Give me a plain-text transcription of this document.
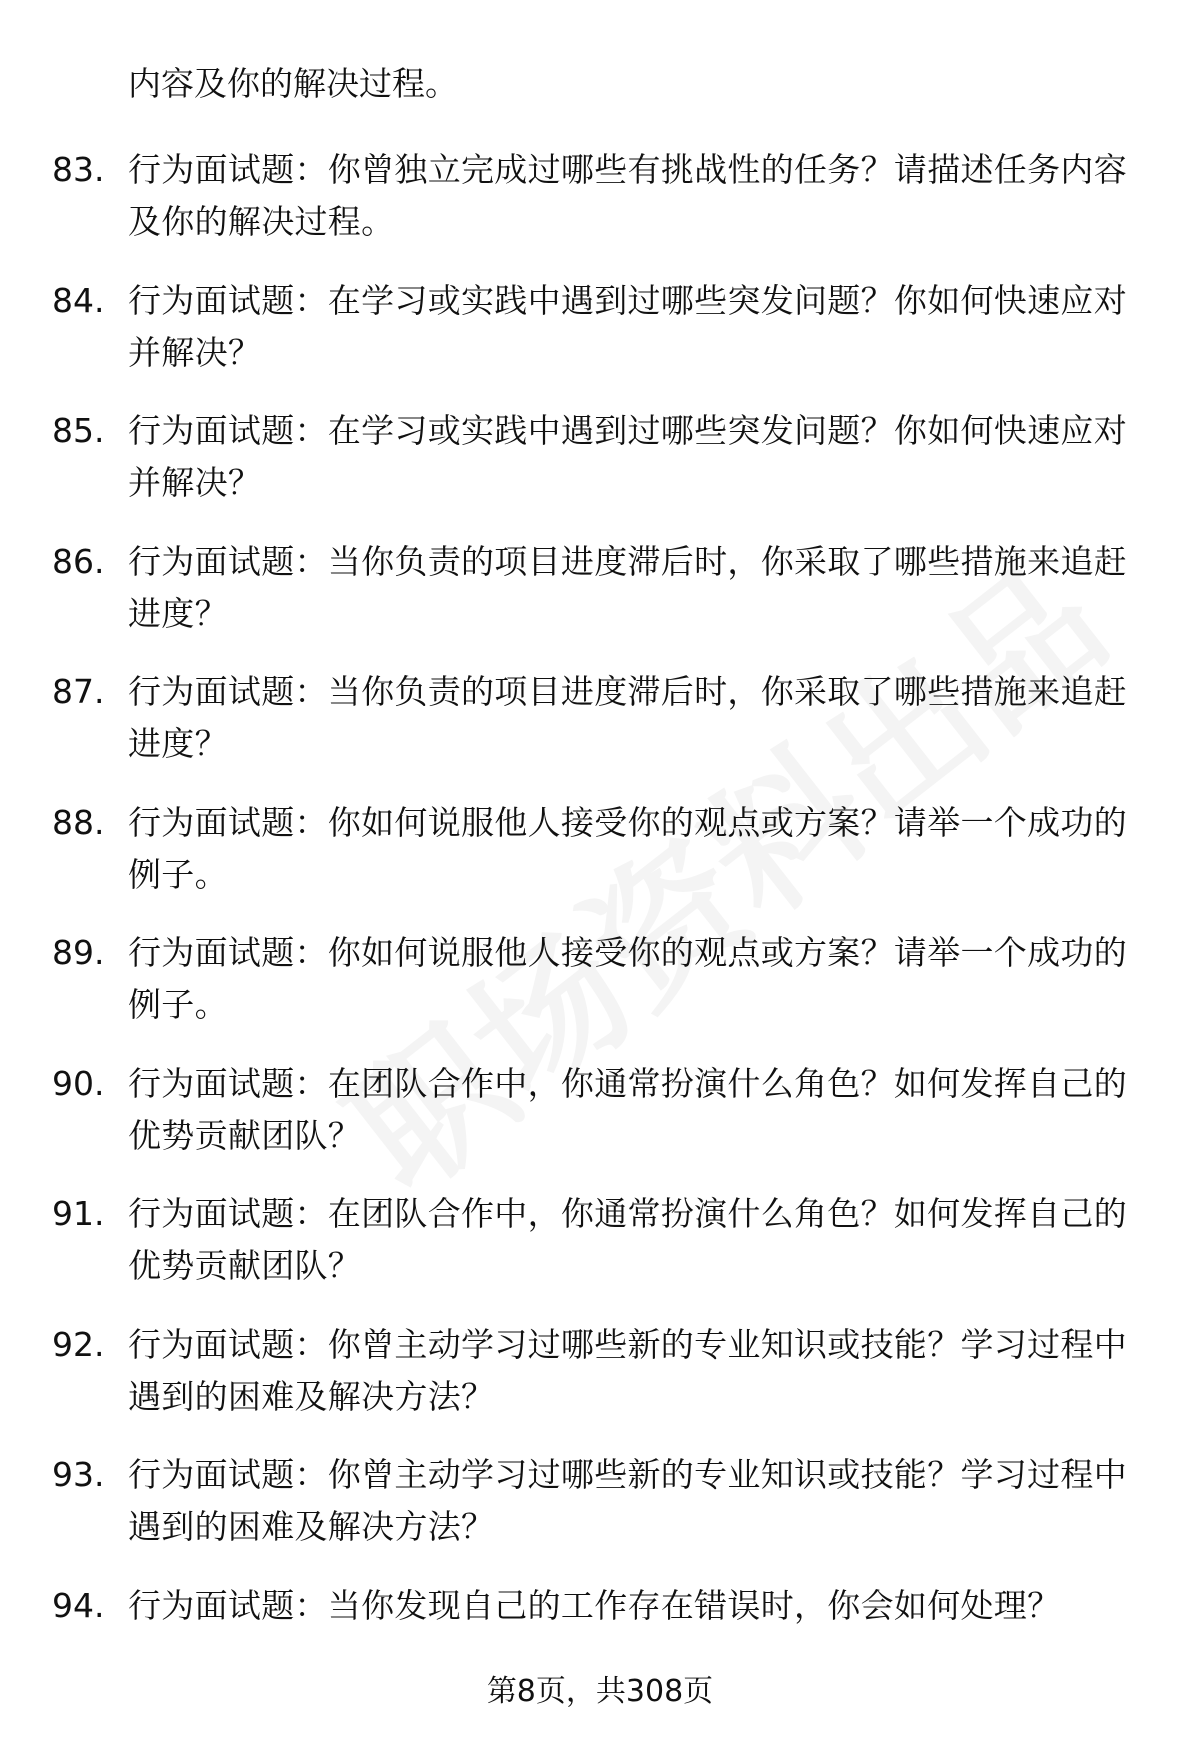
内容及你的解决过程。
83. 行为面试题：你曾独立完成过哪些有挑战性的任务？请描述任务内容及你的解决过程。
84. 行为面试题：在学习或实践中遇到过哪些突发问题？你如何快速应对并解决？
85. 行为面试题：在学习或实践中遇到过哪些突发问题？你如何快速应对并解决？
86. 行为面试题：当你负责的项目进度滞后时，你采取了哪些措施来追赶进度？
87. 行为面试题：当你负责的项目进度滞后时，你采取了哪些措施来追赶进度？
88. 行为面试题：你如何说服他人接受你的观点或方案？请举一个成功的例子。
89. 行为面试题：你如何说服他人接受你的观点或方案？请举一个成功的例子。
90. 行为面试题：在团队合作中，你通常扮演什么角色？如何发挥自己的优势贡献团队？
91. 行为面试题：在团队合作中，你通常扮演什么角色？如何发挥自己的优势贡献团队？
92. 行为面试题：你曾主动学习过哪些新的专业知识或技能？学习过程中遇到的困难及解决方法？
93. 行为面试题：你曾主动学习过哪些新的专业知识或技能？学习过程中遇到的困难及解决方法？
94. 行为面试题：当你发现自己的工作存在错误时，你会如何处理？
第8页，共308页
